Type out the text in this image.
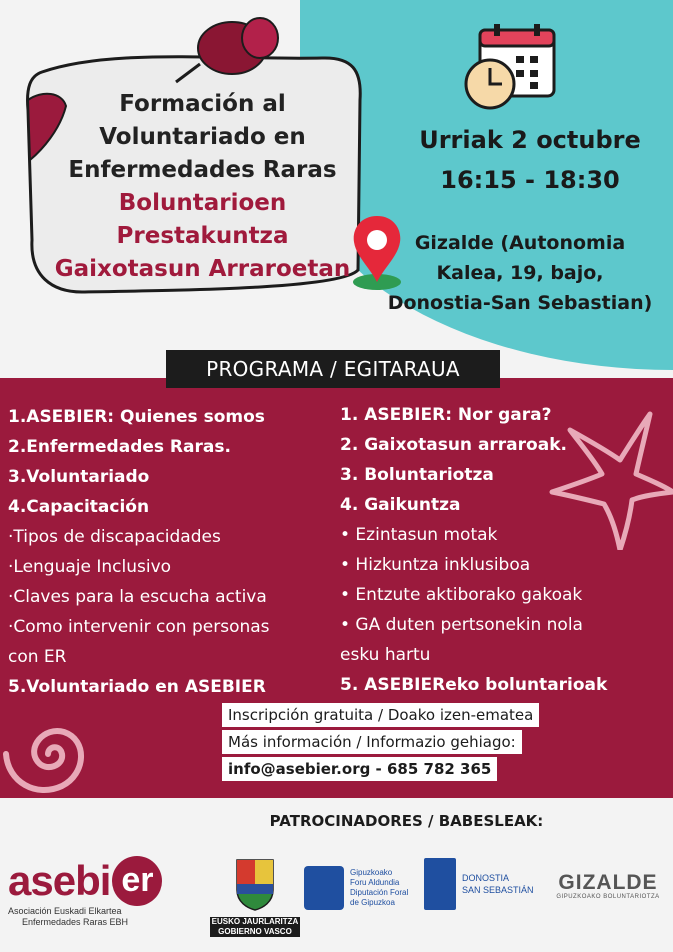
Formación al
Voluntariado en
Enfermedades Raras
Boluntarioen
Prestakuntza
Gaixotasun Arraroetan
Urriak 2 octubre
16:15 - 18:30
Gizalde (Autonomia
Kalea, 19, bajo,
Donostia-San Sebastian)
PROGRAMA / EGITARAUA
1.ASEBIER: Quienes somos
2.Enfermedades Raras.
3.Voluntariado
4.Capacitación
·Tipos de discapacidades
·Lenguaje Inclusivo
·Claves para la escucha activa
·Como intervenir con personas
con ER
5.Voluntariado en ASEBIER
1. ASEBIER: Nor gara?
2. Gaixotasun arraroak.
3. Boluntariotza
4. Gaikuntza
• Ezintasun motak
• Hizkuntza inklusiboa
• Entzute aktiborako gakoak
• GA duten pertsonekin nola
esku hartu
5. ASEBIEReko boluntarioak
Inscripción gratuita / Doako izen-ematea
Más información / Informazio gehiago:
info@asebier.org - 685 782 365
PATROCINADORES / BABESLEAK:
asebi er
Asociación Euskadi Elkartea
Enfermedades Raras EBH	EUSKO JAURLARITZA
GOBIERNO VASCO
Gipuzkoako
Foru Aldundia
Diputación Foral
de Gipuzkoa
DONOSTIA
SAN SEBASTIÁN	GIZALDE
GIPUZKOAKO BOLUNTARIOTZA
